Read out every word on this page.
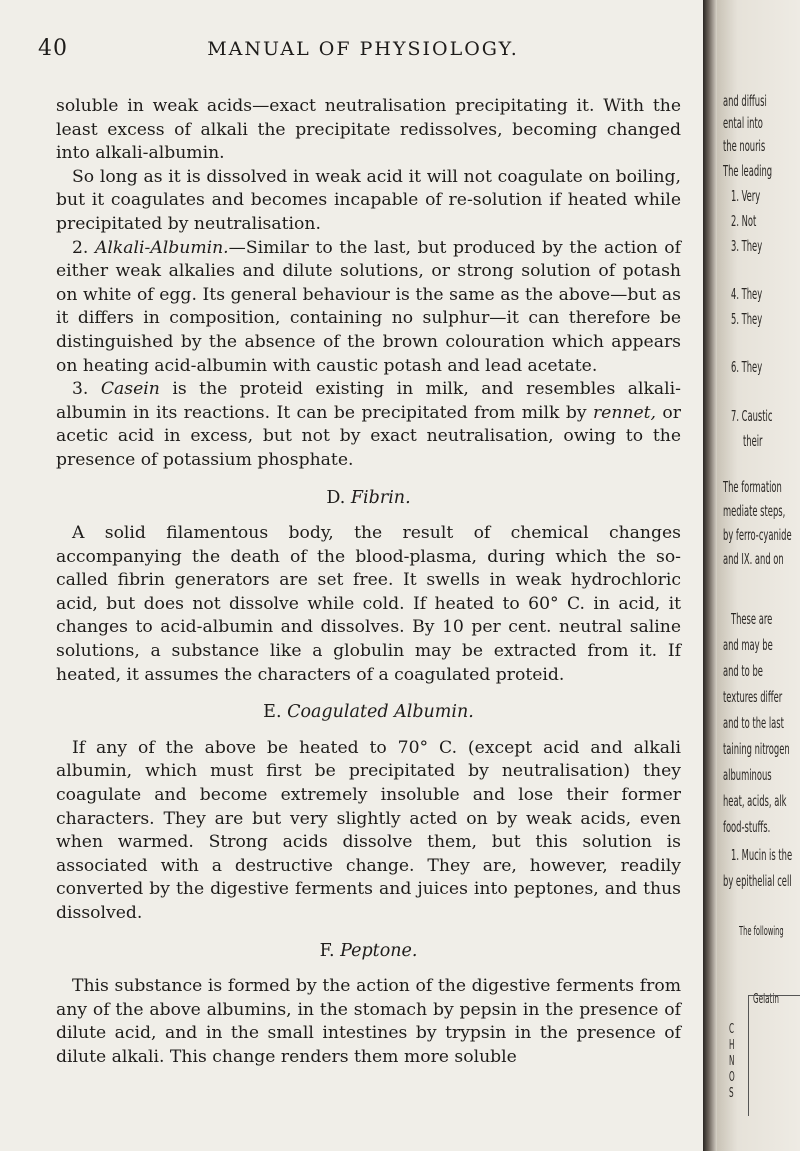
40	MANUAL OF PHYSIOLOGY.

soluble in weak acids—exact neutralisation precipitating it. With the least excess of alkali the precipitate redissolves, becoming changed into alkali-albumin.

So long as it is dissolved in weak acid it will not coagulate on boiling, but it coagulates and becomes incapable of re-solution if heated while precipitated by neutralisation.

2. Alkali-Albumin.—Similar to the last, but produced by the action of either weak alkalies and dilute solutions, or strong solution of potash on white of egg. Its general behaviour is the same as the above—but as it differs in composition, containing no sulphur—it can therefore be distinguished by the absence of the brown colouration which appears on heating acid-albumin with caustic potash and lead acetate.

3. Casein is the proteid existing in milk, and resembles alkali-albumin in its reactions. It can be precipitated from milk by rennet, or acetic acid in excess, but not by exact neutralisation, owing to the presence of potassium phosphate.

D. Fibrin.

A solid filamentous body, the result of chemical changes accompanying the death of the blood-plasma, during which the so-called fibrin generators are set free. It swells in weak hydrochloric acid, but does not dissolve while cold. If heated to 60° C. in acid, it changes to acid-albumin and dissolves. By 10 per cent. neutral saline solutions, a substance like a globulin may be extracted from it. If heated, it assumes the characters of a coagulated proteid.

E. Coagulated Albumin.

If any of the above be heated to 70° C. (except acid and alkali albumin, which must first be precipitated by neutralisation) they coagulate and become extremely insoluble and lose their former characters. They are but very slightly acted on by weak acids, even when warmed. Strong acids dissolve them, but this solution is associated with a destructive change. They are, however, readily converted by the digestive ferments and juices into peptones, and thus dissolved.

F. Peptone.

This substance is formed by the action of the digestive ferments from any of the above albumins, in the stomach by pepsin in the presence of dilute acid, and in the small intestines by trypsin in the presence of dilute alkali. This change renders them more soluble

and diffusi
ental into
the nouris
The leading
1. Very
2. Not
3. They
4. They
5. They
6. They
7. Caustic
their
The formation
mediate steps,
by ferro-cyanide
and IX. and on
These are
and may be
and to be
textures differ
and to the last
taining nitrogen
albuminous
heat, acids, alk
food-stuffs.
1. Mucin is the
by epithelial cell
The following
Gelatin
C
H
N
O
S
